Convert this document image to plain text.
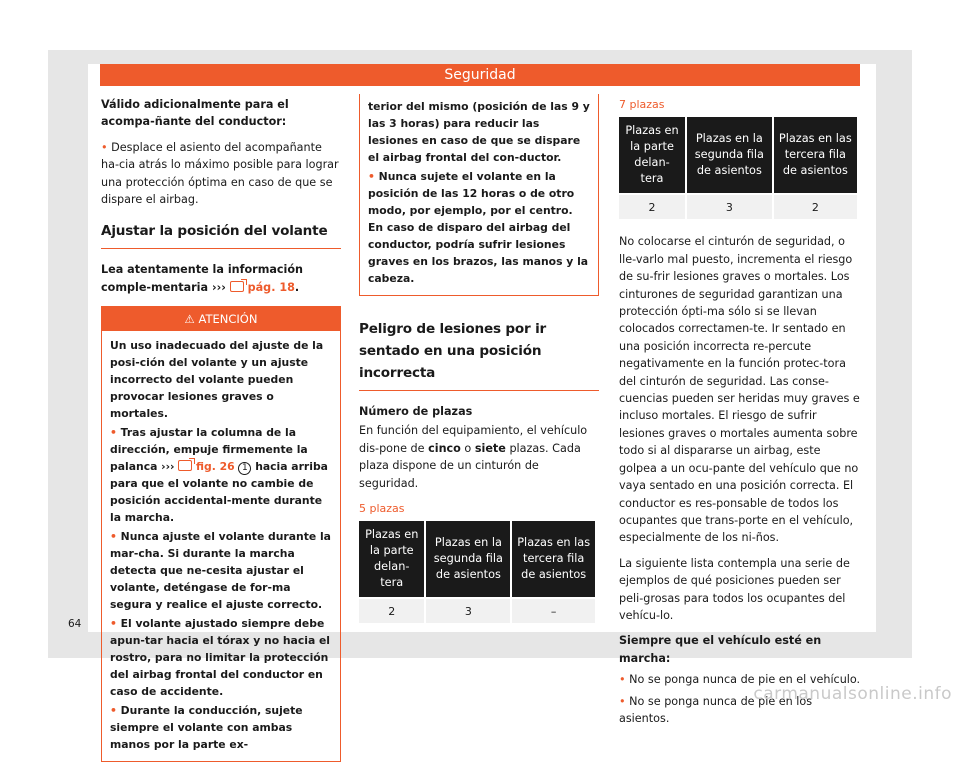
Seguridad

Válido adicionalmente para el acompa-ñante del conductor:

• Desplace el asiento del acompañante ha-cia atrás lo máximo posible para lograr una protección óptima en caso de que se dispare el airbag.

Ajustar la posición del volante

Lea atentamente la información comple-mentaria ››› pág. 18.

⚠ ATENCIÓN

Un uso inadecuado del ajuste de la posi-ción del volante y un ajuste incorrecto del volante pueden provocar lesiones graves o mortales.

• Tras ajustar la columna de la dirección, empuje firmemente la palanca ››› fig. 26 1 hacia arriba para que el volante no cambie de posición accidental-mente durante la marcha.

• Nunca ajuste el volante durante la mar-cha. Si durante la marcha detecta que ne-cesita ajustar el volante, deténgase de for-ma segura y realice el ajuste correcto.

• El volante ajustado siempre debe apun-tar hacia el tórax y no hacia el rostro, para no limitar la protección del airbag frontal del conductor en caso de accidente.

• Durante la conducción, sujete siempre el volante con ambas manos por la parte ex-

terior del mismo (posición de las 9 y las 3 horas) para reducir las lesiones en caso de que se dispare el airbag frontal del con-ductor.

• Nunca sujete el volante en la posición de las 12 horas o de otro modo, por ejemplo, por el centro. En caso de disparo del airbag del conductor, podría sufrir lesiones graves en los brazos, las manos y la cabeza.

Peligro de lesiones por ir sentado en una posición incorrecta

Número de plazas

En función del equipamiento, el vehículo dis-pone de cinco o siete plazas. Cada plaza dispone de un cinturón de seguridad.

5 plazas
Plazas en la parte delan-tera	Plazas en la segunda fila de asientos	Plazas en las tercera fila de asientos
2	3	–
7 plazas
Plazas en la parte delan-tera	Plazas en la segunda fila de asientos	Plazas en las tercera fila de asientos
2	3	2

No colocarse el cinturón de seguridad, o lle-varlo mal puesto, incrementa el riesgo de su-frir lesiones graves o mortales. Los cinturones de seguridad garantizan una protección ópti-ma sólo si se llevan colocados correctamen-te. Ir sentado en una posición incorrecta re-percute negativamente en la función protec-tora del cinturón de seguridad. Las conse-cuencias pueden ser heridas muy graves e incluso mortales. El riesgo de sufrir lesiones graves o mortales aumenta sobre todo si al dispararse un airbag, este golpea a un ocu-pante del vehículo que no vaya sentado en una posición correcta. El conductor es res-ponsable de todos los ocupantes que trans-porte en el vehículo, especialmente de los ni-ños.

La siguiente lista contempla una serie de ejemplos de qué posiciones pueden ser peli-grosas para todos los ocupantes del vehícu-lo.

Siempre que el vehículo esté en marcha:

• No se ponga nunca de pie en el vehículo.

• No se ponga nunca de pie en los asientos.

64
carmanualsonline.info
